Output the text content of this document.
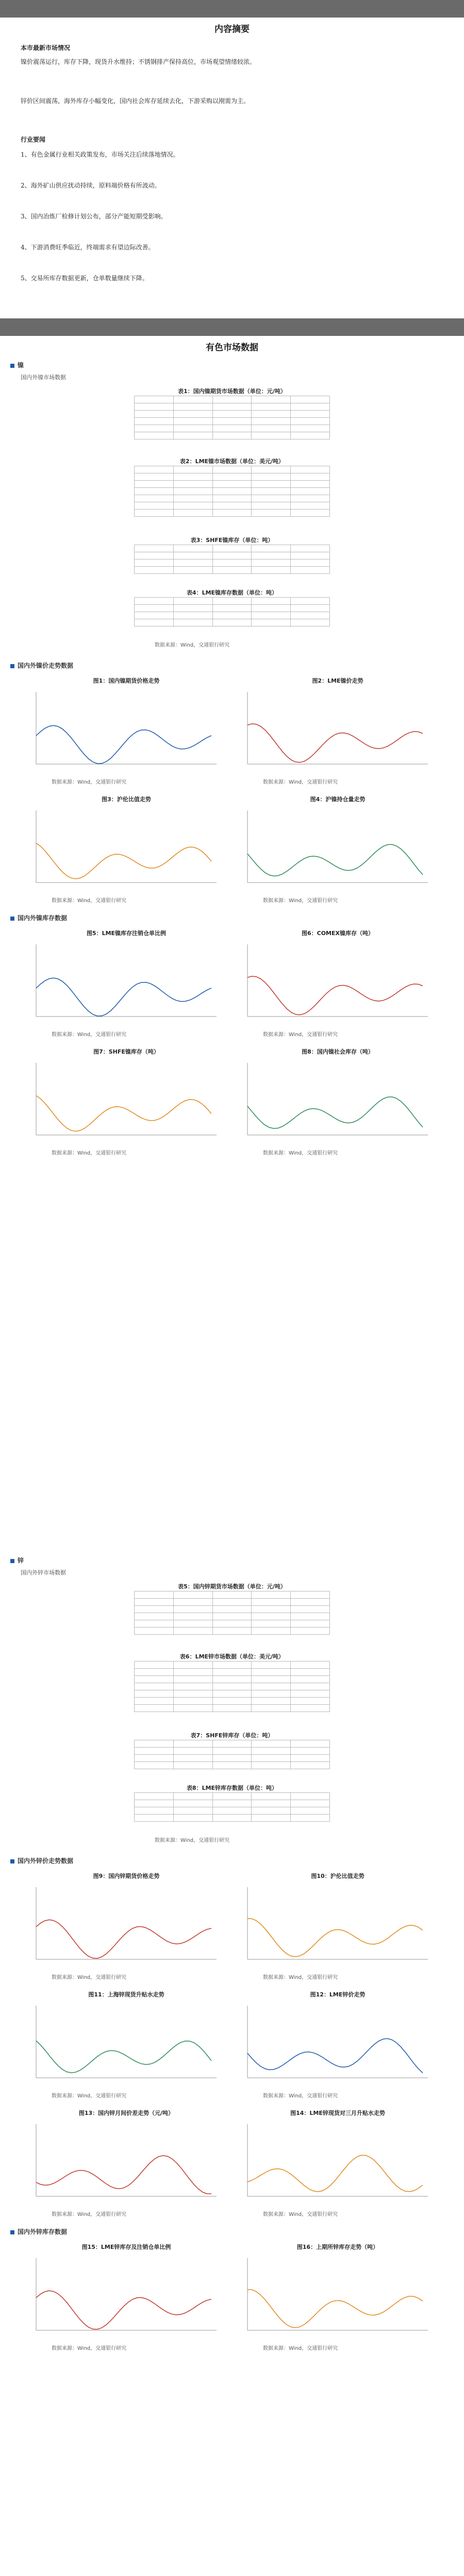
内容摘要
本市最新市场情况
镍价震荡运行，库存下降，现货升水维持；不锈钢排产保持高位，市场观望情绪较浓。
锌价区间震荡，海外库存小幅变化，国内社会库存延续去化，下游采购以刚需为主。
行业要闻
1、有色金属行业相关政策发布，市场关注后续落地情况。
2、海外矿山供应扰动持续，原料端价格有所波动。
3、国内冶炼厂检修计划公布，部分产能短期受影响。
4、下游消费旺季临近，终端需求有望边际改善。
5、交易所库存数据更新，仓单数量继续下降。
有色市场数据
镍
国内外镍市场数据
表1：国内镍期货市场数据（单位：元/吨）				

表2：LME镍市场数据（单位：美元/吨）				

表3：SHFE镍库存（单位：吨）				

表4：LME镍库存数据（单位：吨）				

数据来源：Wind，交通银行研究
国内外镍价走势数据
图1：国内镍期货价格走势
数据来源：Wind，交通银行研究
图2：LME镍价走势
数据来源：Wind，交通银行研究
图3：沪伦比值走势
数据来源：Wind，交通银行研究
图4：沪镍持仓量走势
数据来源：Wind，交通银行研究
国内外镍库存数据
图5：LME镍库存注销仓单比例
数据来源：Wind，交通银行研究
图6：COMEX镍库存（吨）
数据来源：Wind，交通银行研究
图7：SHFE镍库存（吨）
数据来源：Wind，交通银行研究
图8：国内镍社会库存（吨）
数据来源：Wind，交通银行研究
锌
国内外锌市场数据
表5：国内锌期货市场数据（单位：元/吨）				

表6：LME锌市场数据（单位：美元/吨）				

表7：SHFE锌库存（单位：吨）				

表8：LME锌库存数据（单位：吨）				

数据来源：Wind，交通银行研究
国内外锌价走势数据
图9：国内锌期货价格走势
数据来源：Wind，交通银行研究
图10：沪伦比值走势
数据来源：Wind，交通银行研究
图11：上海锌现货升贴水走势
数据来源：Wind，交通银行研究
图12：LME锌价走势
数据来源：Wind，交通银行研究
图13：国内锌月间价差走势（元/吨）
数据来源：Wind，交通银行研究
图14：LME锌现货对三月升贴水走势
数据来源：Wind，交通银行研究
国内外锌库存数据
图15：LME锌库存及注销仓单比例
数据来源：Wind，交通银行研究
图16：上期所锌库存走势（吨）
数据来源：Wind，交通银行研究
